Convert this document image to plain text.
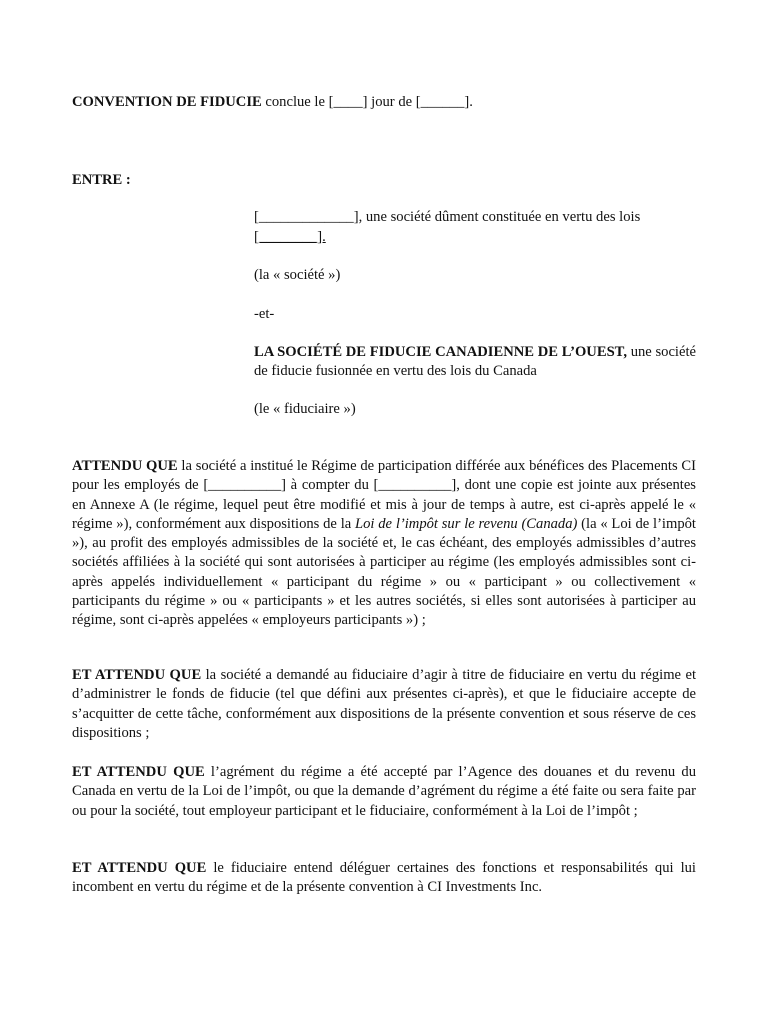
CONVENTION DE FIDUCIE conclue le [____] jour de [______].
ENTRE :
[_____________], une société dûment constituée en vertu des lois
[________].
(la « société »)
-et-
LA SOCIÉTÉ DE FIDUCIE CANADIENNE DE L’OUEST, une société de fiducie fusionnée en vertu des lois du Canada
(le « fiduciaire »)
ATTENDU QUE la société a institué le Régime de participation différée aux bénéfices des Placements CI pour les employés de [__________] à compter du [__________], dont une copie est jointe aux présentes en Annexe A (le régime, lequel peut être modifié et mis à jour de temps à autre, est ci-après appelé le « régime »), conformément aux dispositions de la Loi de l’impôt sur le revenu (Canada) (la « Loi de l’impôt »), au profit des employés admissibles de la société et, le cas échéant, des employés admissibles d’autres sociétés affiliées à la société qui sont autorisées à participer au régime (les employés admissibles sont ci-après appelés individuellement « participant du régime » ou « participant » ou collectivement « participants du régime » ou « participants » et les autres sociétés, si elles sont autorisées à participer au régime, sont ci-après appelées « employeurs participants ») ;
ET ATTENDU QUE la société a demandé au fiduciaire d’agir à titre de fiduciaire en vertu du régime et d’administrer le fonds de fiducie (tel que défini aux présentes ci-après), et que le fiduciaire accepte de s’acquitter de cette tâche, conformément aux dispositions de la présente convention et sous réserve de ces dispositions ;
ET ATTENDU QUE l’agrément du régime a été accepté par l’Agence des douanes et du revenu du Canada en vertu de la Loi de l’impôt, ou que la demande d’agrément du régime a été faite ou sera faite par ou pour la société, tout employeur participant et le fiduciaire, conformément à la Loi de l’impôt ;
ET ATTENDU QUE le fiduciaire entend déléguer certaines des fonctions et responsabilités qui lui incombent en vertu du régime et de la présente convention à CI Investments Inc.
